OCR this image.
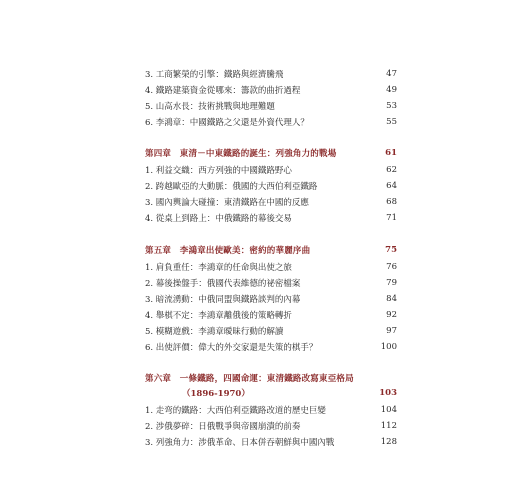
3. 工商繁榮的引擎：鐵路與經濟騰飛	47
4. 鐵路建築資金從哪來：籌款的曲折過程	49
5. 山高水長：技術挑戰與地理難題	53
6. 李鴻章：中國鐵路之父還是外資代理人？	55
第四章　東清－中東鐵路的誕生：列強角力的戰場	61
1. 利益交織：西方列強的中國鐵路野心	62
2. 跨越歐亞的大動脈：俄國的大西伯利亞鐵路	64
3. 國內輿論大碰撞：東清鐵路在中國的反應	68
4. 從桌上到路上：中俄鐵路的幕後交易	71
第五章　李鴻章出使歐美：密約的華麗序曲	75
1. 肩負重任：李鴻章的任命與出使之旅	76
2. 幕後操盤手：俄國代表維德的祕密檔案	79
3. 暗流湧動：中俄同盟與鐵路談判的內幕	84
4. 舉棋不定：李鴻章離俄後的策略轉折	92
5. 模糊遊戲：李鴻章曖昧行動的解讀	97
6. 出使評價：偉大的外交家還是失策的棋手？	100
第六章　一條鐵路，四國命運：東清鐵路改寫東亞格局
（1896-1970）	103
1. 走弯的鐵路：大西伯利亞鐵路改道的歷史巨變	104
2. 涉俄夢碎：日俄戰爭與帝國崩潰的前奏	112
3. 列強角力：涉俄革命、日本併吞朝鮮與中國內戰	128
